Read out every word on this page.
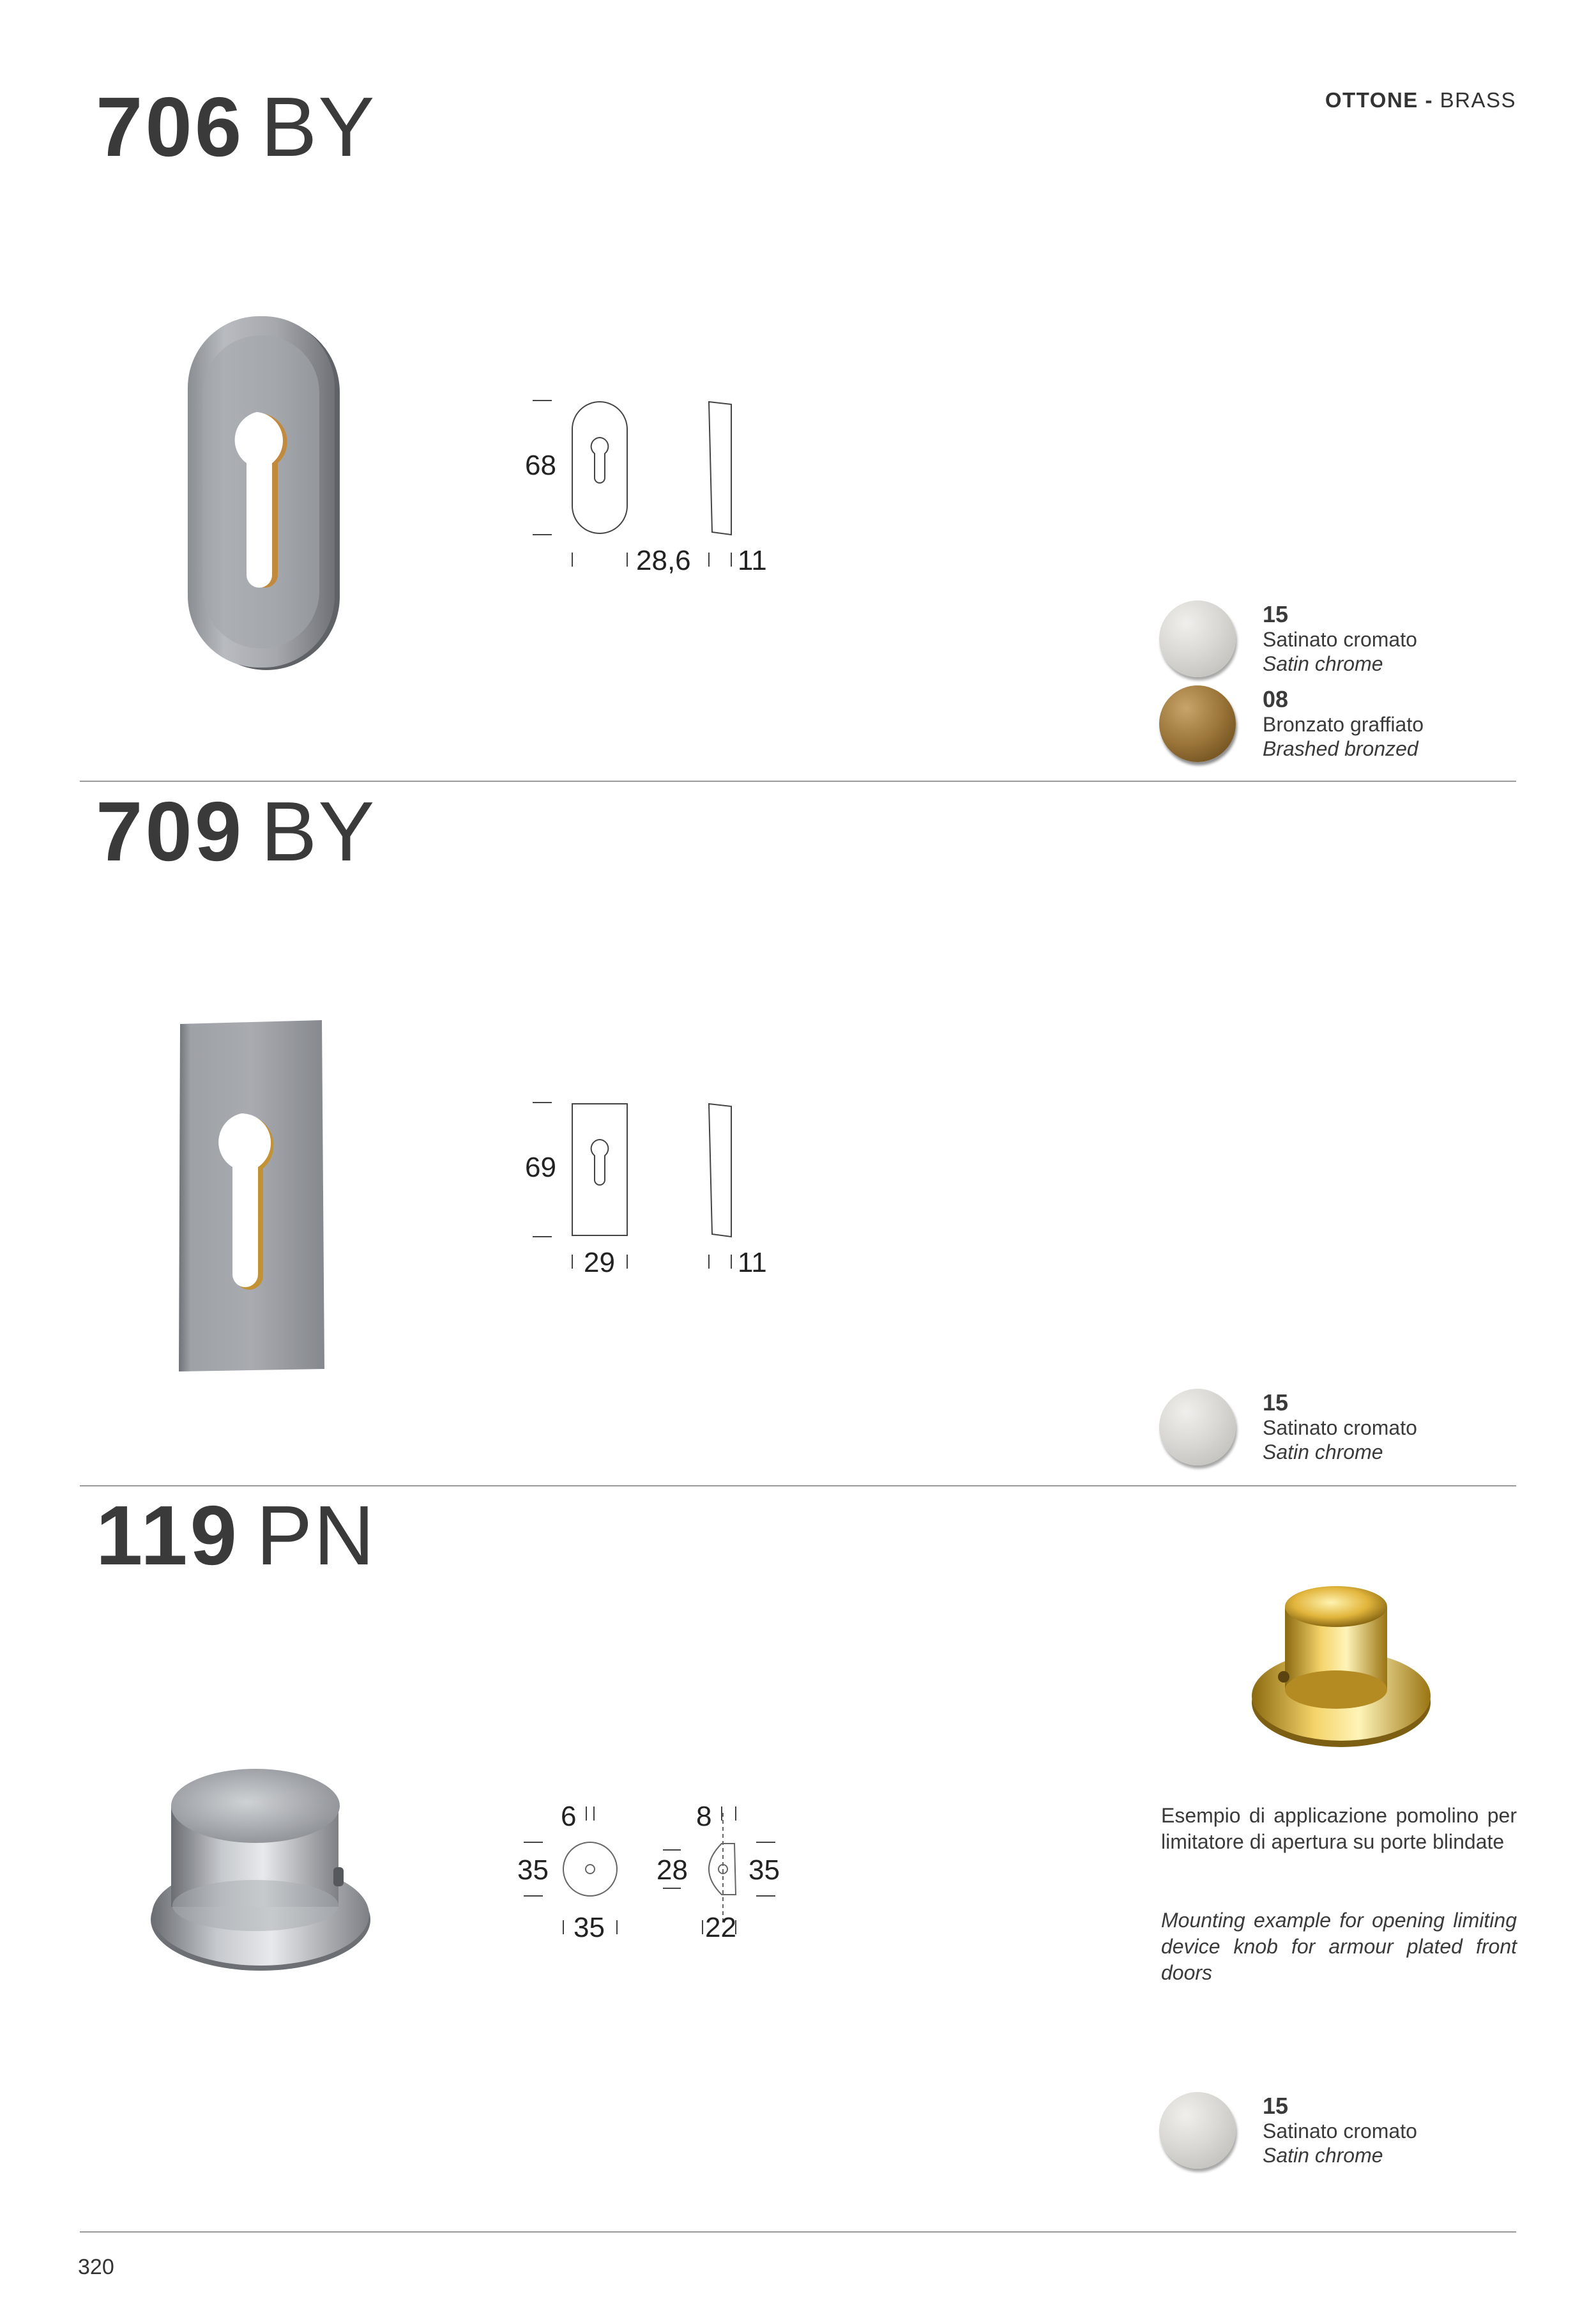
OTTONE - BRASS
706 BY
68
28,6 11
15
Satinato cromato
Satin chrome
08
Bronzato graffiato
Brashed bronzed
709 BY
69
29	11
15
Satinato cromato
Satin chrome
119 PN
6
35
35
8
28 35
22
Esempio di applicazione pomolino per limitatore di apertura su porte blindate
Mounting example for opening limiting device knob for armour plated front doors
15
Satinato cromato
Satin chrome
320
